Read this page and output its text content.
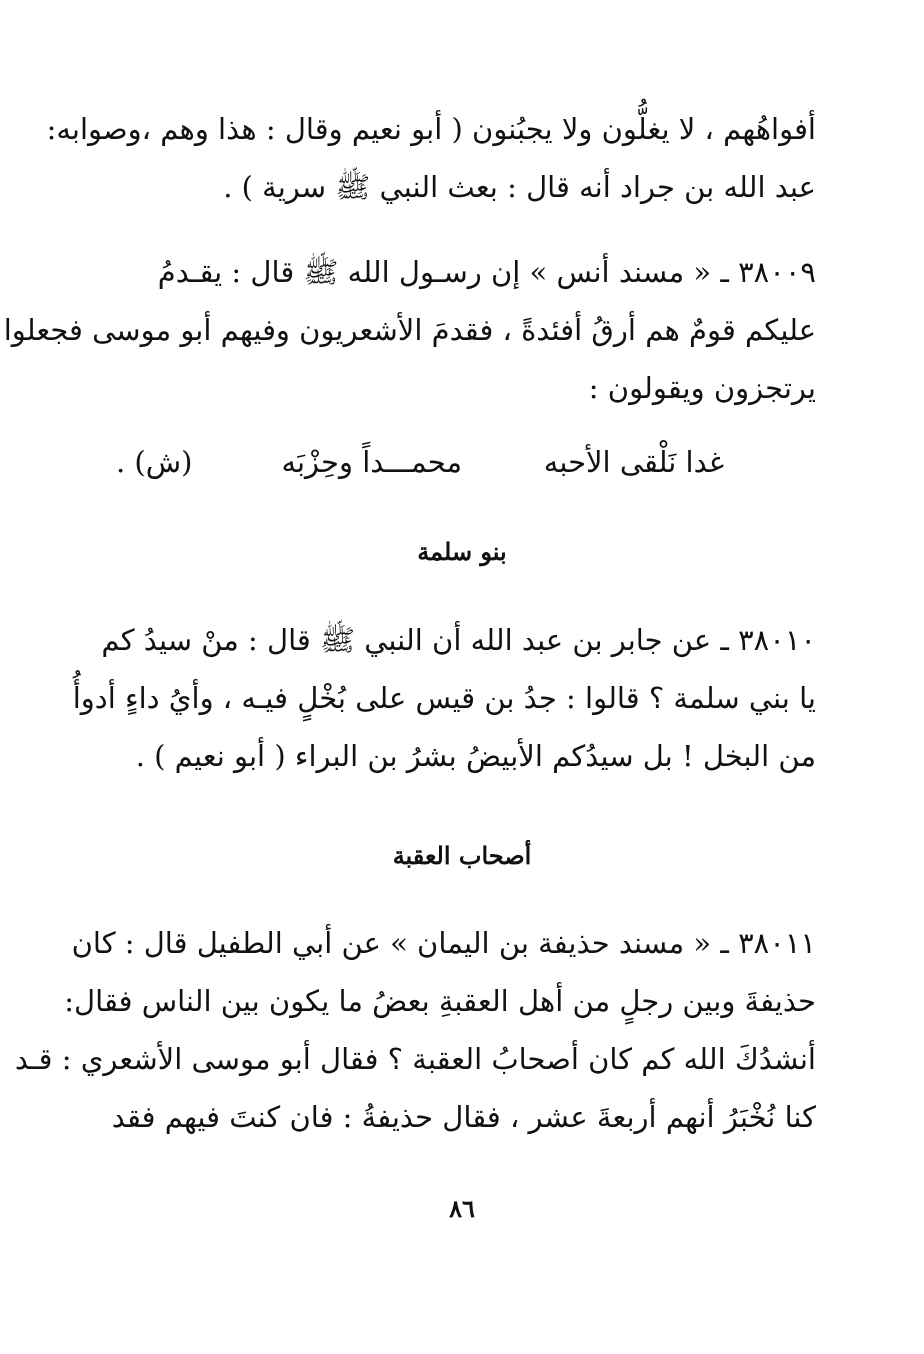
أفواهُهم ، لا يغلُّون ولا يجبُنون ( أبو نعيم وقال : هذا وهم ،وصوابه:
عبد الله بن جراد أنه قال : بعث النبي ﷺ سرية ) .
٣٨٠٠٩ ـ « مسند أنس » إن رسـول الله ﷺ قال : يقـدمُ
عليكم قومٌ هم أرقُ أفئدةً ، فقدمَ الأشعريون وفيهم أبو موسى فجعلوا
يرتجزون ويقولون :
غدا نَلْقى الأحبه
محمـــداً وحِزْبَه
(ش) .
بنو سلمة
٣٨٠١٠ ـ عن جابر بن عبد الله أن النبي ﷺ قال : منْ سيدُ كم
يا بني سلمة ؟ قالوا : جدُ بن قيس على بُخْلٍ فيـه ، وأيُ داءٍ أدوأُ
من البخل ! بل سيدُكم الأبيضُ بشرُ بن البراء ( أبو نعيم ) .
أصحاب العقبة
٣٨٠١١ ـ « مسند حذيفة بن اليمان » عن أبي الطفيل قال : كان
حذيفةَ وبين رجلٍ من أهل العقبةِ بعضُ ما يكون بين الناس فقال:
أنشدُكَ الله كم كان أصحابُ العقبة ؟ فقال أبو موسى الأشعري : قـد
كنا نُخْبَرُ أنهم أربعةَ عشر ، فقال حذيفةُ : فان كنتَ فيهم فقد
٨٦
